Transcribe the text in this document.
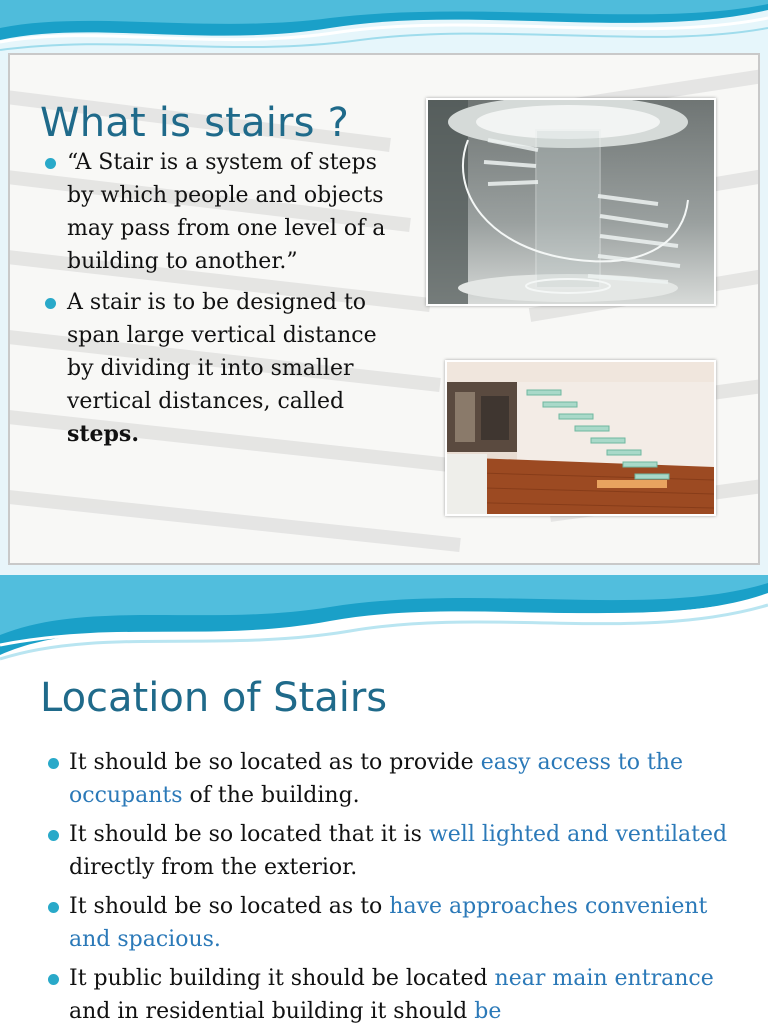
What is stairs ?
“A Stair is a system of steps by which people and objects may pass from one level of a building to another.”
A stair is to be designed to span large vertical distance by dividing it into smaller vertical distances, called steps.
Location of Stairs
It should be so located as to provide easy access to the occupants of the building.
It should be so located that it is well lighted and ventilated directly from the exterior.
It should be so located as to have approaches convenient and spacious.
It public building it should be located near main entrance and in residential building it should be
